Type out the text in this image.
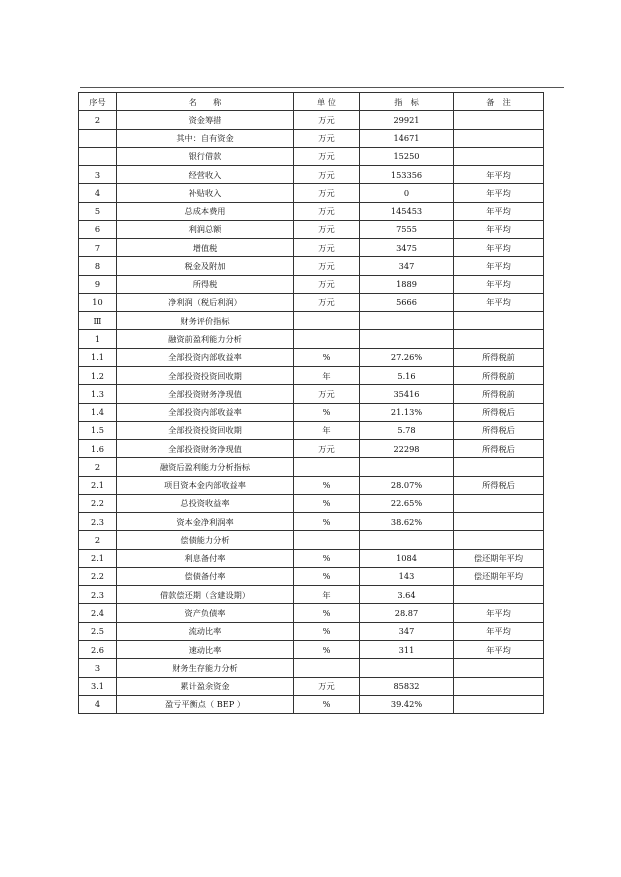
序号	名　　称	单 位	指　标	备　注
2	资金筹措	万元	29921	
	其中：自有资金	万元	14671	
	银行借款	万元	15250	
3	经营收入	万元	153356	年平均
4	补贴收入	万元	0	年平均
5	总成本费用	万元	145453	年平均
6	利润总额	万元	7555	年平均
7	增值税	万元	3475	年平均
8	税金及附加	万元	347	年平均
9	所得税	万元	1889	年平均
10	净利润（税后利润）	万元	5666	年平均
Ⅲ	财务评价指标			
1	融资前盈利能力分析			
1.1	全部投资内部收益率	%	27.26%	所得税前
1.2	全部投资投资回收期	年	5.16	所得税前
1.3	全部投资财务净现值	万元	35416	所得税前
1.4	全部投资内部收益率	%	21.13%	所得税后
1.5	全部投资投资回收期	年	5.78	所得税后
1.6	全部投资财务净现值	万元	22298	所得税后
2	融资后盈利能力分析指标			
2.1	项目资本金内部收益率	%	28.07%	所得税后
2.2	总投资收益率	%	22.65%	
2.3	资本金净利润率	%	38.62%	
2	偿债能力分析			
2.1	利息备付率	%	1084	偿还期年平均
2.2	偿债备付率	%	143	偿还期年平均
2.3	借款偿还期（含建设期）	年	3.64	
2.4	资产负债率	%	28.87	年平均
2.5	流动比率	%	347	年平均
2.6	速动比率	%	311	年平均
3	财务生存能力分析			
3.1	累计盈余资金	万元	85832	
4	盈亏平衡点（ BEP ）	%	39.42%	
